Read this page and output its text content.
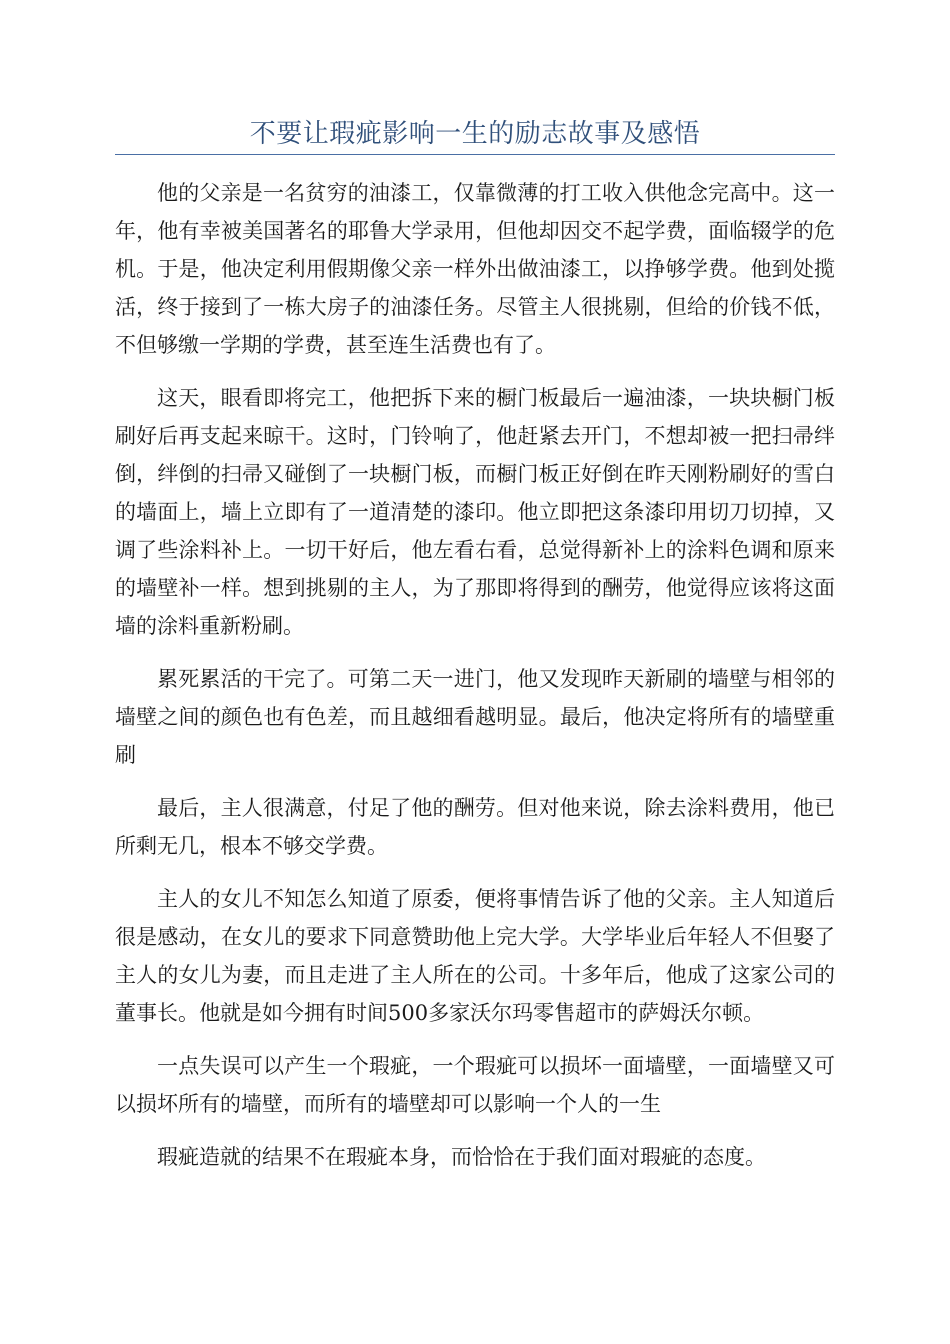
不要让瑕疵影响一生的励志故事及感悟

他的父亲是一名贫穷的油漆工，仅靠微薄的打工收入供他念完高中。这一年，他有幸被美国著名的耶鲁大学录用，但他却因交不起学费，面临辍学的危机。于是，他决定利用假期像父亲一样外出做油漆工，以挣够学费。他到处揽活，终于接到了一栋大房子的油漆任务。尽管主人很挑剔，但给的价钱不低，不但够缴一学期的学费，甚至连生活费也有了。

这天，眼看即将完工，他把拆下来的橱门板最后一遍油漆，一块块橱门板刷好后再支起来晾干。这时，门铃响了，他赶紧去开门，不想却被一把扫帚绊倒，绊倒的扫帚又碰倒了一块橱门板，而橱门板正好倒在昨天刚粉刷好的雪白的墙面上，墙上立即有了一道清楚的漆印。他立即把这条漆印用切刀切掉，又调了些涂料补上。一切干好后，他左看右看，总觉得新补上的涂料色调和原来的墙壁补一样。想到挑剔的主人，为了那即将得到的酬劳，他觉得应该将这面墙的涂料重新粉刷。

累死累活的干完了。可第二天一进门，他又发现昨天新刷的墙壁与相邻的墙壁之间的颜色也有色差，而且越细看越明显。最后，他决定将所有的墙壁重刷

最后，主人很满意，付足了他的酬劳。但对他来说，除去涂料费用，他已所剩无几，根本不够交学费。

主人的女儿不知怎么知道了原委，便将事情告诉了他的父亲。主人知道后很是感动，在女儿的要求下同意赞助他上完大学。大学毕业后年轻人不但娶了主人的女儿为妻，而且走进了主人所在的公司。十多年后，他成了这家公司的董事长。他就是如今拥有时间500多家沃尔玛零售超市的萨姆沃尔顿。

一点失误可以产生一个瑕疵，一个瑕疵可以损坏一面墙壁，一面墙壁又可以损坏所有的墙壁，而所有的墙壁却可以影响一个人的一生

瑕疵造就的结果不在瑕疵本身，而恰恰在于我们面对瑕疵的态度。
